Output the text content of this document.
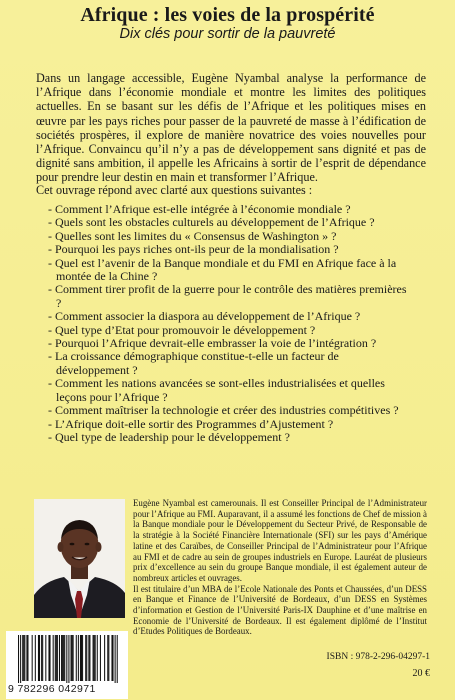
Afrique : les voies de la prospérité
Dix clés pour sortir de la pauvreté

Dans un langage accessible, Eugène Nyambal analyse la performance de l’Afrique dans l’économie mondiale et montre les limites des politiques actuelles. En se basant sur les défis de l’Afrique et les politiques mises en œuvre par les pays riches pour passer de la pauvreté de masse à l’édification de sociétés prospères, il explore de manière novatrice des voies nouvelles pour l’Afrique. Convaincu qu’il n’y a pas de développement sans dignité et pas de dignité sans ambition, il appelle les Africains à sortir de l’esprit de dépendance pour prendre leur destin en main et transformer l’Afrique.

Cet ouvrage répond avec clarté aux questions suivantes :

- Comment l’Afrique est-elle intégrée à l’économie mondiale ?
- Quels sont les obstacles culturels au développement de l’Afrique ?
- Quelles sont les limites du « Consensus de Washington » ?
- Pourquoi les pays riches ont-ils peur de la mondialisation ?
- Quel est l’avenir de la Banque mondiale et du FMI en Afrique face à la montée de la Chine ?
- Comment tirer profit de la guerre pour le contrôle des matières premières ?
- Comment associer la diaspora au développement de l’Afrique ?
- Quel type d’Etat pour promouvoir le développement ?
- Pourquoi l’Afrique devrait-elle embrasser la voie de l’intégration ?
- La croissance démographique constitue-t-elle un facteur de développement ?
- Comment les nations avancées se sont-elles industrialisées et quelles leçons pour l’Afrique ?
- Comment maîtriser la technologie et créer des industries compétitives ?
- L’Afrique doit-elle sortir des Programmes d’Ajustement ?
- Quel type de leadership pour le développement ?

Eugène Nyambal est camerounais. Il est Conseiller Principal de l’Administrateur pour l’Afrique au FMI. Auparavant, il a assumé les fonctions de Chef de mission à la Banque mondiale pour le Développement du Secteur Privé, de Responsable de la stratégie à la Société Financière Internationale (SFI) sur les pays d’Amérique latine et des Caraïbes, de Conseiller Principal de l’Administrateur pour l’Afrique au FMI et de cadre au sein de groupes industriels en Europe. Lauréat de plusieurs prix d’excellence au sein du groupe Banque mondiale, il est également auteur de nombreux articles et ouvrages.

Il est titulaire d’un MBA de l’Ecole Nationale des Ponts et Chaussées, d’un DESS en Banque et Finance de l’Université de Bordeaux, d’un DESS en Systèmes d’information et Gestion de l’Université Paris-IX Dauphine et d’une maîtrise en Economie de l’Université de Bordeaux. Il est également diplômé de l’Institut d’Etudes Politiques de Bordeaux.

9 782296 042971
ISBN : 978-2-296-04297-1
20 €
